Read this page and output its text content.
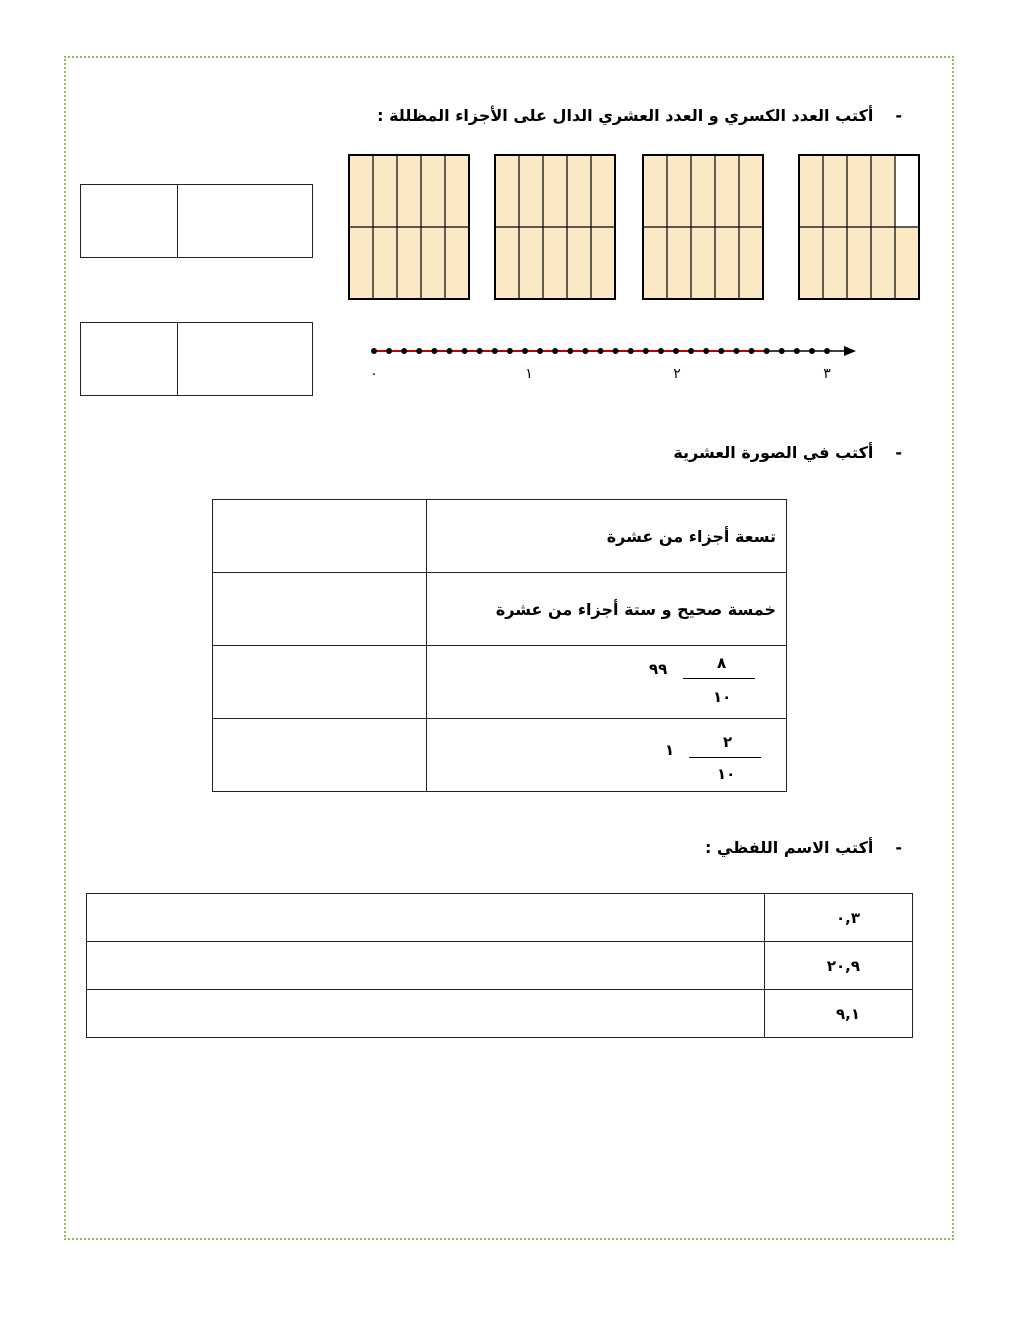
-أكتب العدد الكسري و العدد العشري الدال على الأجزاء المظللة :
٠	١	٢	٣
-أكتب في الصورة العشرية
	تسعة أجزاء من عشرة
	خمسة صحيح و ستة أجزاء من عشرة

	٩٩ ٨
١٠

	١ ٢
١٠
-أكتب الاسم اللفظي :
	٠,٣
	٢٠,٩
	٩,١
